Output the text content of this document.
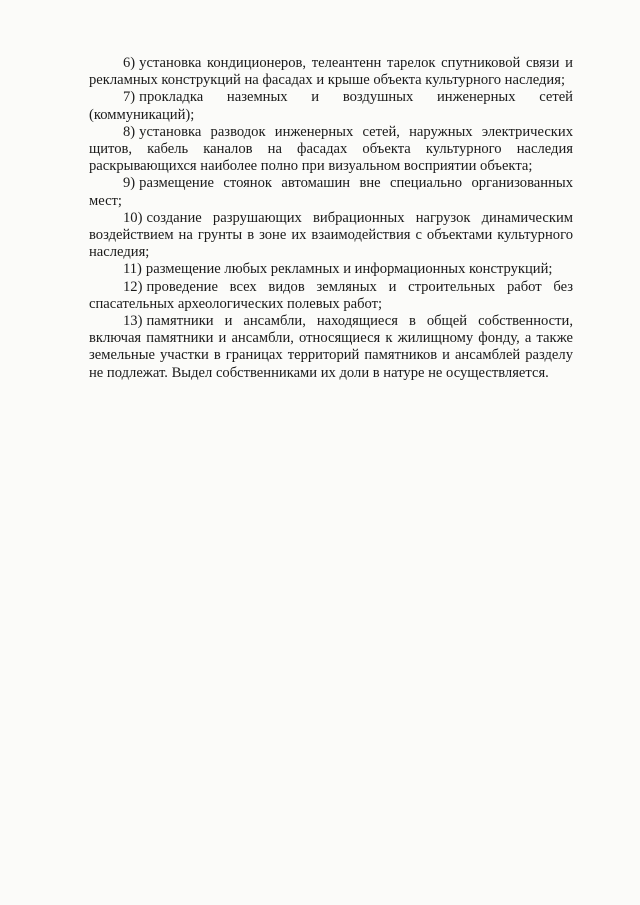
6) установка кондиционеров, телеантенн тарелок спутниковой связи и рекламных конструкций на фасадах и крыше объекта культурного наследия;

7) прокладка наземных и воздушных инженерных сетей (коммуникаций);

8) установка разводок инженерных сетей, наружных электрических щитов, кабель каналов на фасадах объекта культурного наследия раскрывающихся наиболее полно при визуальном восприятии объекта;

9) размещение стоянок автомашин вне специально организованных мест;

10) создание разрушающих вибрационных нагрузок динамическим воздействием на грунты в зоне их взаимодействия с объектами культурного наследия;

11) размещение любых рекламных и информационных конструкций;

12) проведение всех видов земляных и строительных работ без спасательных археологических полевых работ;

13) памятники и ансамбли, находящиеся в общей собственности, включая памятники и ансамбли, относящиеся к жилищному фонду, а также земельные участки в границах территорий памятников и ансамблей разделу не подлежат. Выдел собственниками их доли в натуре не осуществляется.
